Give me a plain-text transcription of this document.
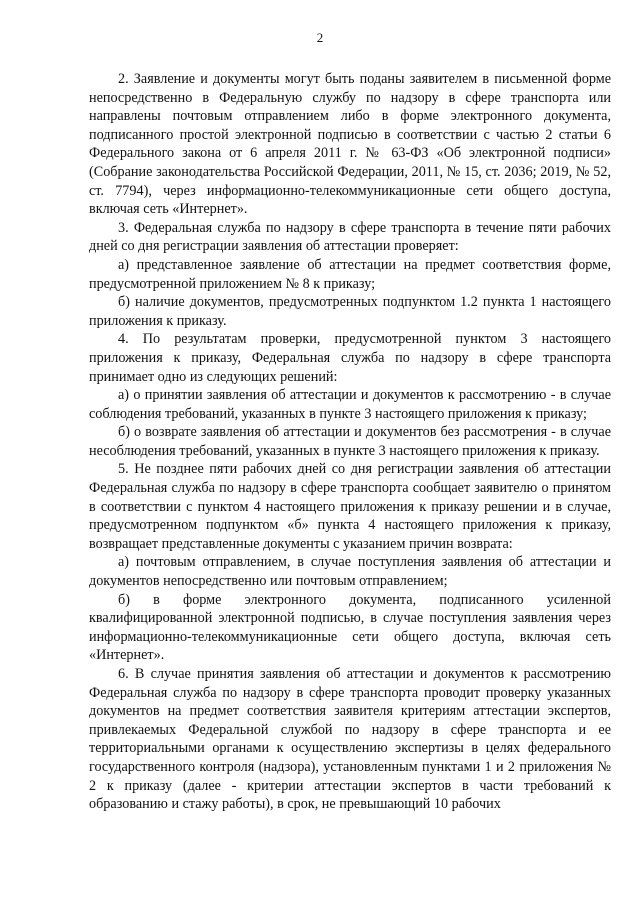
2

2. Заявление и документы могут быть поданы заявителем в письменной форме непосредственно в Федеральную службу по надзору в сфере транспорта или направлены почтовым отправлением либо в форме электронного документа, подписанного простой электронной подписью в соответствии с частью 2 статьи 6 Федерального закона от 6 апреля 2011 г. № 63-ФЗ «Об электронной подписи» (Собрание законодательства Российской Федерации, 2011, № 15, ст. 2036; 2019, № 52, ст. 7794), через информационно-телекоммуникационные сети общего доступа, включая сеть «Интернет».

3. Федеральная служба по надзору в сфере транспорта в течение пяти рабочих дней со дня регистрации заявления об аттестации проверяет:

а) представленное заявление об аттестации на предмет соответствия форме, предусмотренной приложением № 8 к приказу;

б) наличие документов, предусмотренных подпунктом 1.2 пункта 1 настоящего приложения к приказу.

4. По результатам проверки, предусмотренной пунктом 3 настоящего приложения к приказу, Федеральная служба по надзору в сфере транспорта принимает одно из следующих решений:

а) о принятии заявления об аттестации и документов к рассмотрению - в случае соблюдения требований, указанных в пункте 3 настоящего приложения к приказу;

б) о возврате заявления об аттестации и документов без рассмотрения - в случае несоблюдения требований, указанных в пункте 3 настоящего приложения к приказу.

5. Не позднее пяти рабочих дней со дня регистрации заявления об аттестации Федеральная служба по надзору в сфере транспорта сообщает заявителю о принятом в соответствии с пунктом 4 настоящего приложения к приказу решении и в случае, предусмотренном подпунктом «б» пункта 4 настоящего приложения к приказу, возвращает представленные документы с указанием причин возврата:

а) почтовым отправлением, в случае поступления заявления об аттестации и документов непосредственно или почтовым отправлением;

б) в форме электронного документа, подписанного усиленной квалифицированной электронной подписью, в случае поступления заявления через информационно-телекоммуникационные сети общего доступа, включая сеть «Интернет».

6. В случае принятия заявления об аттестации и документов к рассмотрению Федеральная служба по надзору в сфере транспорта проводит проверку указанных документов на предмет соответствия заявителя критериям аттестации экспертов, привлекаемых Федеральной службой по надзору в сфере транспорта и ее территориальными органами к осуществлению экспертизы в целях федерального государственного контроля (надзора), установленным пунктами 1 и 2 приложения № 2 к приказу (далее - критерии аттестации экспертов в части требований к образованию и стажу работы), в срок, не превышающий 10 рабочих
